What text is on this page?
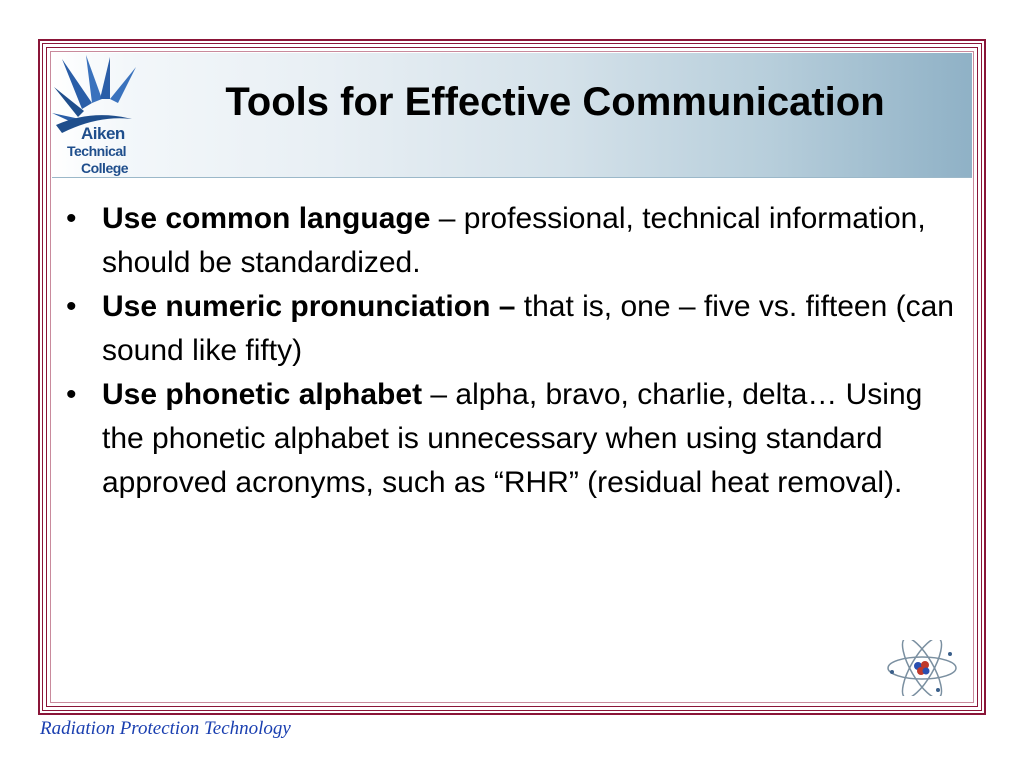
Aiken
Technical
College
Tools for Effective Communication
• Use common language – professional, technical information, should be standardized.
• Use numeric pronunciation – that is, one – five vs. fifteen (can sound like fifty)
• Use phonetic alphabet – alpha, bravo, charlie, delta… Using the phonetic alphabet is unnecessary when using standard approved acronyms, such as “RHR” (residual heat removal).
Radiation Protection Technology
